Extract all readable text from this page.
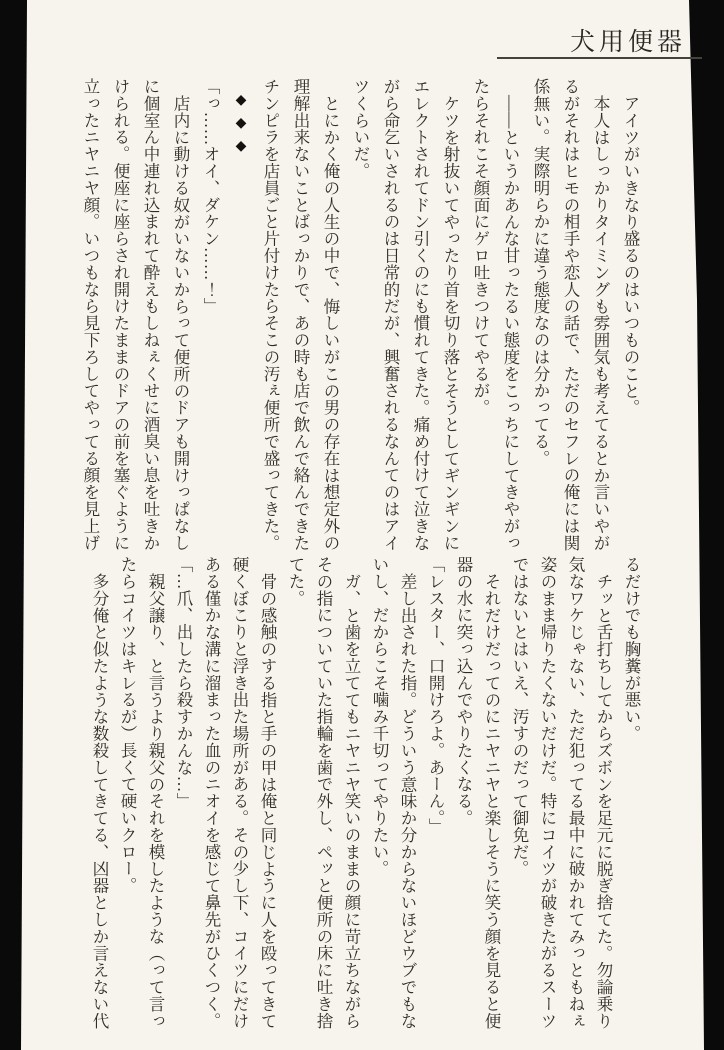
犬用便器

アイツがいきなり盛るのはいつものこと。

本人はしっかりタイミングも雰囲気も考えてるとか言いやがるがそれはヒモの相手や恋人の話で、ただのセフレの俺には関係無い。実際明らかに違う態度なのは分かってる。

――というかあんな甘ったるい態度をこっちにしてきやがったらそれこそ顔面にゲロ吐きつけてやるが。

ケツを射抜いてやったり首を切り落とそうとしてギンギンにエレクトされてドン引くのにも慣れてきた。痛め付けて泣きながら命乞いされるのは日常的だが、興奮されるなんてのはアイツくらいだ。

とにかく俺の人生の中で、悔しいがこの男の存在は想定外の理解出来ないことばっかりで、あの時も店で飲んで絡んできたチンピラを店員ごと片付けたらそこの汚ぇ便所で盛ってきた。

◆◆◆

「っ……オイ、ダケン……！」

店内に動ける奴がいないからって便所のドアも開けっぱなしに個室ん中連れ込まれて酔えもしねぇくせに酒臭い息を吐きかけられる。便座に座らされ開けたままのドアの前を塞ぐように立ったニヤニヤ顔。いつもなら見下ろしてやってる顔を見上げ

るだけでも胸糞が悪い。

チッと舌打ちしてからズボンを足元に脱ぎ捨てた。勿論乗り気なワケじゃない、ただ犯ってる最中に破かれてみっともねぇ姿のまま帰りたくないだけだ。特にコイツが破きたがるスーツではないとはいえ、汚すのだって御免だ。

それだけだってのにニヤニヤと楽しそうに笑う顔を見ると便器の水に突っ込んでやりたくなる。

「レスター、口開けろよ。あーん。」

差し出された指。どういう意味か分からないほどウブでもないし、だからこそ噛み千切ってやりたい。

ガ、と歯を立ててもニヤニヤ笑いのままの顔に苛立ちながらその指についていた指輪を歯で外し、ペッと便所の床に吐き捨てた。

骨の感触のする指と手の甲は俺と同じように人を殴ってきて硬くぼこりと浮き出た場所がある。その少し下、コイツにだけある僅かな溝に溜まった血のニオイを感じて鼻先がひくつく。

「…爪、出したら殺すかんな…」

親父譲り、と言うより親父のそれを模したような（って言ったらコイツはキレるが）長くて硬いクロー。

多分俺と似たような数殺してきてる、凶器としか言えない代
